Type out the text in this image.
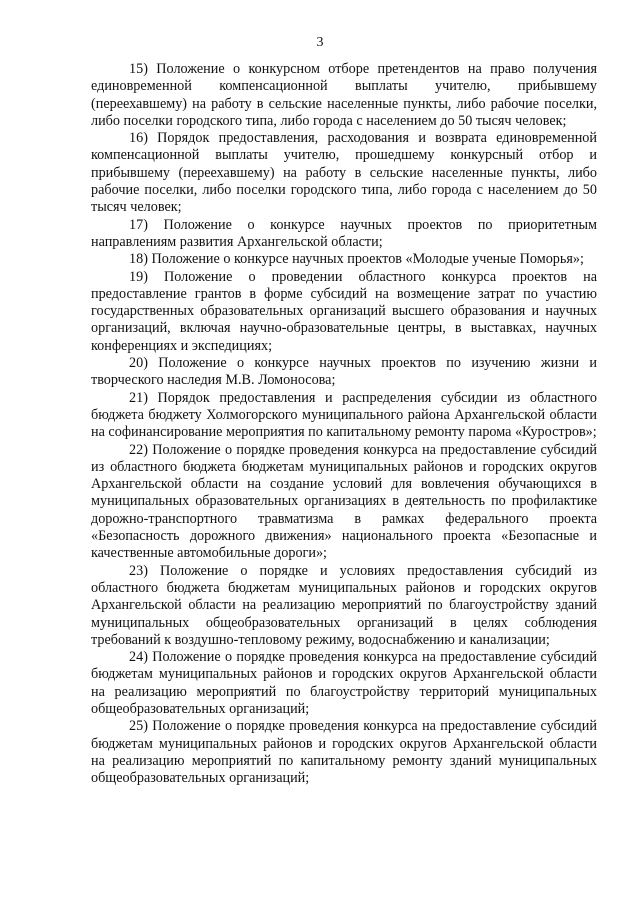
3

15) Положение о конкурсном отборе претендентов на право получения единовременной компенсационной выплаты учителю, прибывшему (переехавшему) на работу в сельские населенные пункты, либо рабочие поселки, либо поселки городского типа, либо города с населением до 50 тысяч человек;

16) Порядок предоставления, расходования и возврата единовременной компенсационной выплаты учителю, прошедшему конкурсный отбор и прибывшему (переехавшему) на работу в сельские населенные пункты, либо рабочие поселки, либо поселки городского типа, либо города с населением до 50 тысяч человек;

17) Положение о конкурсе научных проектов по приоритетным направлениям развития Архангельской области;

18) Положение о конкурсе научных проектов «Молодые ученые Поморья»;

19) Положение о проведении областного конкурса проектов на предоставление грантов в форме субсидий на возмещение затрат по участию государственных образовательных организаций высшего образования и научных организаций, включая научно-образовательные центры, в выставках, научных конференциях и экспедициях;

20) Положение о конкурсе научных проектов по изучению жизни и творческого наследия М.В. Ломоносова;

21) Порядок предоставления и распределения субсидии из областного бюджета бюджету Холмогорского муниципального района Архангельской области на софинансирование мероприятия по капитальному ремонту парома «Куростров»;

22) Положение о порядке проведения конкурса на предоставление субсидий из областного бюджета бюджетам муниципальных районов и городских округов Архангельской области на создание условий для вовлечения обучающихся в муниципальных образовательных организациях в деятельность по профилактике дорожно-транспортного травматизма в рамках федерального проекта «Безопасность дорожного движения» национального проекта «Безопасные и качественные автомобильные дороги»;

23) Положение о порядке и условиях предоставления субсидий из областного бюджета бюджетам муниципальных районов и городских округов Архангельской области на реализацию мероприятий по благоустройству зданий муниципальных общеобразовательных организаций в целях соблюдения требований к воздушно-тепловому режиму, водоснабжению и канализации;

24) Положение о порядке проведения конкурса на предоставление субсидий бюджетам муниципальных районов и городских округов Архангельской области на реализацию мероприятий по благоустройству территорий муниципальных общеобразовательных организаций;

25) Положение о порядке проведения конкурса на предоставление субсидий бюджетам муниципальных районов и городских округов Архангельской области на реализацию мероприятий по капитальному ремонту зданий муниципальных общеобразовательных организаций;
